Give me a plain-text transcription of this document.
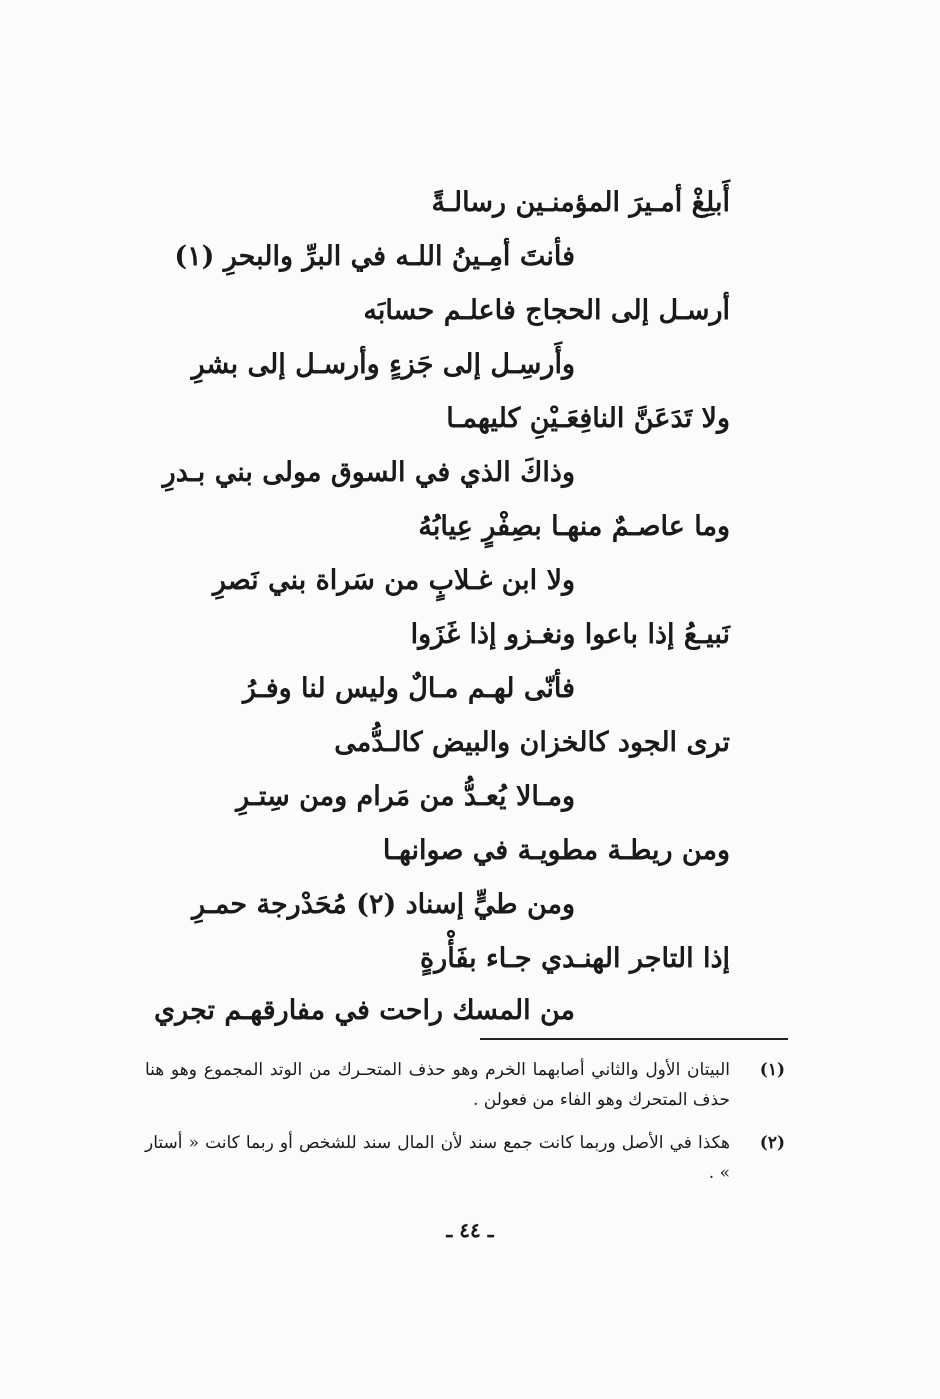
أَبلِغْ أمـيرَ المؤمنـين رسالـةً
فأنتَ أمِـينُ اللـه في البرِّ والبحرِ (١)
أرسـل إلى الحجاج فاعلـم حسابَه
وأَرسِـل إلى جَزءٍ وأرسـل إلى بشرِ
ولا تَدَعَنَّ النافِعَـيْنِ كليهمـا
وذاكَ الذي في السوق مولى بني بـدرِ
وما عاصـمٌ منهـا بصِفْرٍ عِيابُهُ
ولا ابن غـلابٍ من سَراة بني نَصرِ
نَبيـعُ إذا باعوا ونغـزو إذا غَزَوا
فأنّى لهـم مـالٌ وليس لنا وفـرُ
ترى الجود كالخزان والبيض كالـدُّمى
ومـالا يُعـدُّ من مَرام ومن سِتـرِ
ومن ريطـة مطويـة في صوانهـا
ومن طيٍّ إسناد (٢) مُحَدْرجة حمـرِ
إذا التاجر الهنـدي جـاء بفَأْرةٍ
من المسك راحت في مفارقهـم تجري
(١)
البيتان الأول والثاني أصابهما الخرم وهو حذف المتحـرك من الوتد المجموع وهو هنا حذف المتحرك وهو الفاء من فعولن .
(٢)
هكذا في الأصل وربما كانت جمع سند لأن المال سند للشخص أو ربما كانت « أستار » .
ـ ٤٤ ـ
